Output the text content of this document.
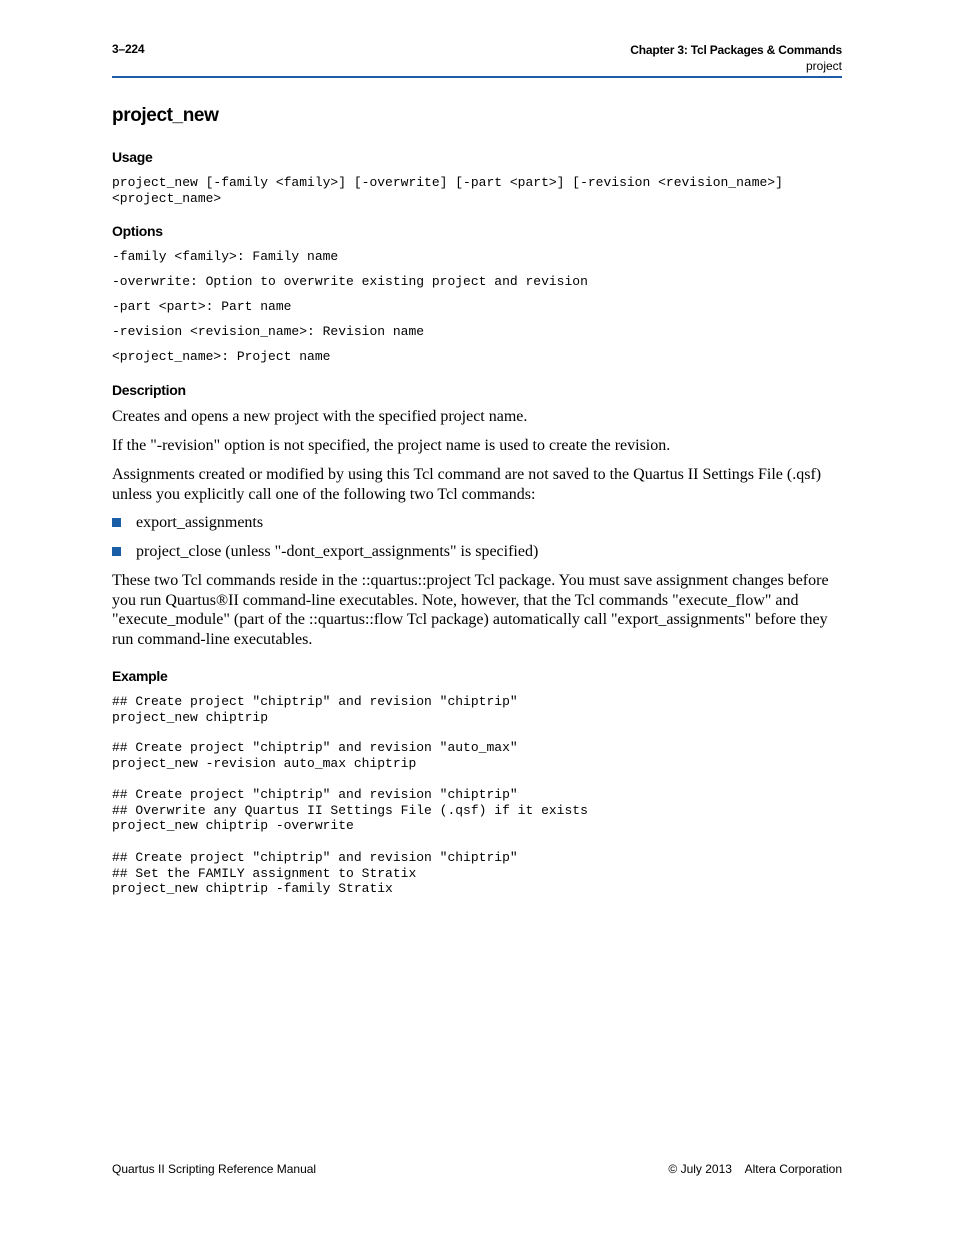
3–224	Chapter 3: Tcl Packages & Commands
project
project_new
Usage
project_new [-family <family>] [-overwrite] [-part <part>] [-revision <revision_name>]
<project_name>
Options
-family <family>: Family name
-overwrite: Option to overwrite existing project and revision
-part <part>: Part name
-revision <revision_name>: Revision name
<project_name>: Project name
Description

Creates and opens a new project with the specified project name.

If the "-revision" option is not specified, the project name is used to create the revision.

Assignments created or modified by using this Tcl command are not saved to the Quartus II Settings File (.qsf) unless you explicitly call one of the following two Tcl commands:

export_assignments
project_close (unless "-dont_export_assignments" is specified)

These two Tcl commands reside in the ::quartus::project Tcl package. You must save assignment changes before you run Quartus®II command-line executables. Note, however, that the Tcl commands "execute_flow" and "execute_module" (part of the ::quartus::flow Tcl package) automatically call "export_assignments" before they run command-line executables.

Example
## Create project "chiptrip" and revision "chiptrip"
project_new chiptrip
## Create project "chiptrip" and revision "auto_max"
project_new -revision auto_max chiptrip
## Create project "chiptrip" and revision "chiptrip"
## Overwrite any Quartus II Settings File (.qsf) if it exists
project_new chiptrip -overwrite
## Create project "chiptrip" and revision "chiptrip"
## Set the FAMILY assignment to Stratix
project_new chiptrip -family Stratix
Quartus II Scripting Reference Manual	© July 2013    Altera Corporation
